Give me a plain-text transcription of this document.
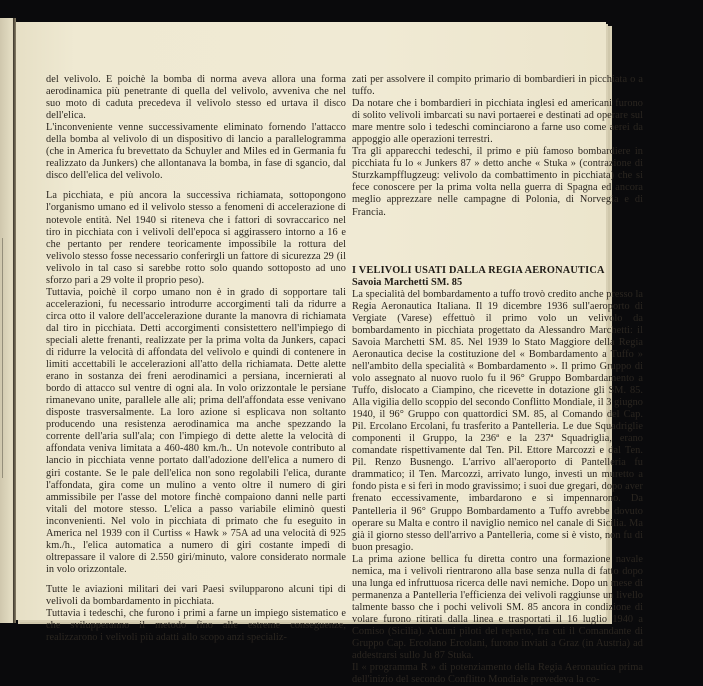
del velivolo. E poichè la bomba di norma aveva allora una forma aerodinamica più penetrante di quella del velivolo, avveniva che nel suo moto di caduta precedeva il velivolo stesso ed urtava il disco dell'elica.

L'inconveniente venne successivamente eliminato fornendo l'attacco della bomba al velivolo di un dispositivo di lancio a parallelogramma (che in America fu brevettato da Schuyler and Miles ed in Germania fu realizzato da Junkers) che allontanava la bomba, in fase di sgancio, dal disco dell'elica del velivolo.

La picchiata, e più ancora la successiva richiamata, sottopongono l'organismo umano ed il velivolo stesso a fenomeni di accelerazione di notevole entità. Nel 1940 si riteneva che i fattori di sovraccarico nel tiro in picchiata con i velivoli dell'epoca si aggirassero intorno a 16 e che pertanto per rendere teoricamente impossibile la rottura del velivolo stesso fosse necessario conferirgli un fattore di sicurezza 29 (il velivolo in tal caso si sarebbe rotto solo quando sottoposto ad uno sforzo pari a 29 volte il proprio peso).

Tuttavia, poichè il corpo umano non è in grado di sopportare tali accelerazioni, fu necessario introdurre accorgimenti tali da ridurre a circa otto il valore dell'accelerazione durante la manovra di richiamata dal tiro in picchiata. Detti accorgimenti consistettero nell'impiego di speciali alette frenanti, realizzate per la prima volta da Junkers, capaci di ridurre la velocità di affondata del velivolo e quindi di contenere in limiti accettabili le accelerazioni all'atto della richiamata. Dette alette erano in sostanza dei freni aerodinamici a persiana, incernierati al bordo di attacco sul ventre di ogni ala. In volo orizzontale le persiane rimanevano unite, parallele alle ali; prima dell'affondata esse venivano disposte trasversalmente. La loro azione si esplicava non soltanto producendo una resistenza aerodinamica ma anche spezzando la corrente dell'aria sull'ala; con l'impiego di dette alette la velocità di affondata veniva limitata a 460-480 km./h.. Un notevole contributo al lancio in picchiata venne portato dall'adozione dell'elica a numero di giri costante. Se le pale dell'elica non sono regolabili l'elica, durante l'affondata, gira come un mulino a vento oltre il numero di giri ammissibile per l'asse del motore finchè compaiono danni nelle parti vitali del motore stesso. L'elica a passo variabile eliminò questi inconvenienti. Nel volo in picchiata di primato che fu eseguito in America nel 1939 con il Curtiss « Hawk » 75A ad una velocità di 925 km./h., l'elica automatica a numero di giri costante impedì di oltrepassare il valore di 2.550 giri/minuto, valore considerato normale in volo orizzontale.

Tutte le aviazioni militari dei vari Paesi svilupparono alcuni tipi di velivoli da bombardamento in picchiata.

Tuttavia i tedeschi, che furono i primi a farne un impiego sistematico e che svilupperanno il metodo fino alle estreme conseguenze, realizzarono i velivoli più adatti allo scopo anzi specializ-

zati per assolvere il compito primario di bombardieri in picchiata o a tuffo.

Da notare che i bombardieri in picchiata inglesi ed americani furono di solito velivoli imbarcati su navi portaerei e destinati ad operare sul mare mentre solo i tedeschi cominciarono a farne uso come aerei da appoggio alle operazioni terrestri.

Tra gli apparecchi tedeschi, il primo e più famoso bombardiere in picchiata fu lo « Junkers 87 » detto anche « Stuka » (contrazione di Sturzkampfflugzeug: velivolo da combattimento in picchiata) che si fece conoscere per la prima volta nella guerra di Spagna ed ancora meglio apprezzare nelle campagne di Polonia, di Norvegia e di Francia.

I VELIVOLI USATI DALLA REGIA AERONAUTICA
Savoia Marchetti SM. 85

La specialità del bombardamento a tuffo trovò credito anche presso la Regia Aeronautica Italiana. Il 19 dicembre 1936 sull'aeroporto di Vergiate (Varese) effettuò il primo volo un velivolo da bombardamento in picchiata progettato da Alessandro Marchetti: il Savoia Marchetti SM. 85. Nel 1939 lo Stato Maggiore della Regia Aeronautica decise la costituzione del « Bombardamento a Tuffo » nell'ambito della specialità « Bombardamento ». Il primo Gruppo di volo assegnato al nuovo ruolo fu il 96° Gruppo Bombardamento a Tuffo, dislocato a Ciampino, che ricevette in dotazione gli SM. 85. Alla vigilia dello scoppio del secondo Conflitto Mondiale, il 3 giugno 1940, il 96° Gruppo con quattordici SM. 85, al Comando del Cap. Pil. Ercolano Ercolani, fu trasferito a Pantelleria. Le due Squadriglie componenti il Gruppo, la 236ª e la 237ª Squadriglia, erano comandate rispettivamente dal Ten. Pil. Ettore Marcozzi e dal Ten. Pil. Renzo Busnengo. L'arrivo all'aeroporto di Pantelleria fu drammatico; il Ten. Marcozzi, arrivato lungo, investì un muretto a fondo pista e si ferì in modo gravissimo; i suoi due gregari, dopo aver frenato eccessivamente, imbardarono e si impennarono. Da Pantelleria il 96° Gruppo Bombardamento a Tuffo avrebbe dovuto operare su Malta e contro il naviglio nemico nel canale di Sicilia. Ma già il giorno stesso dell'arrivo a Pantelleria, come si è visto, non fu di buon presagio.

La prima azione bellica fu diretta contro una formazione navale nemica, ma i velivoli rientrarono alla base senza nulla di fatto dopo una lunga ed infruttuosa ricerca delle navi nemiche. Dopo un mese di permanenza a Pantelleria l'efficienza dei velivoli raggiunse un livello talmente basso che i pochi velivoli SM. 85 ancora in condizione di volare furono ritirati dalla linea e trasportati il 16 luglio 1940 a Comiso (Sicilia). Alcuni piloti del reparto, fra cui il Comandante di Gruppo Cap. Ercolano Ercolani, furono inviati a Graz (in Austria) ad addestrarsi sullo Ju 87 Stuka.

Il « programma R » di potenziamento della Regia Aeronautica prima dell'inizio del secondo Conflitto Mondiale prevedeva la co-
